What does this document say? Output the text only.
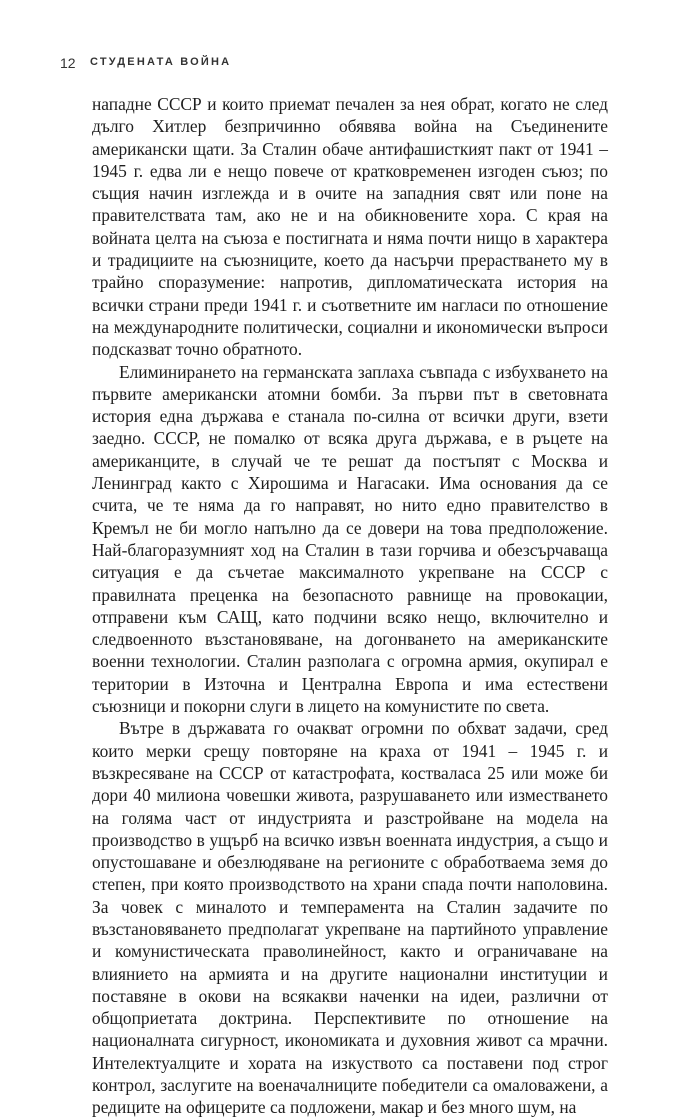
12 СТУДЕНАТА ВОЙНА

нападне СССР и които приемат печален за нея обрат, когато не след дълго Хитлер безпричинно обявява война на Съединените американски щати. За Сталин обаче антифашисткият пакт от 1941 – 1945 г. едва ли е нещо повече от кратковременен изгоден съюз; по същия начин изглежда и в очите на западния свят или поне на правителствата там, ако не и на обикновените хора. С края на войната целта на съюза е постигната и няма почти нищо в характера и традициите на съюзниците, което да насърчи прерастването му в трайно споразумение: напротив, дипломатическата история на всички страни преди 1941 г. и съответните им нагласи по отношение на международните политически, социални и икономически въпроси подсказват точно обратното.

Елиминирането на германската заплаха съвпада с избухването на първите американски атомни бомби. За първи път в световната история една държава е станала по-силна от всички други, взети заедно. СССР, не помалко от всяка друга държава, е в ръцете на американците, в случай че те решат да постъпят с Москва и Ленинград както с Хирошима и Нагасаки. Има основания да се счита, че те няма да го направят, но нито едно правителство в Кремъл не би могло напълно да се довери на това предположение. Най-благоразумният ход на Сталин в тази горчива и обезсърчаваща ситуация е да съчетае максималното укрепване на СССР с правилната преценка на безопасното равнище на провокации, отправени към САЩ, като подчини всяко нещо, включително и следвоенното възстановяване, на догонването на американските военни технологии. Сталин разполага с огромна армия, окупирал е територии в Източна и Централна Европа и има естествени съюзници и покорни слуги в лицето на комунистите по света.

Вътре в държавата го очакват огромни по обхват задачи, сред които мерки срещу повторяне на краха от 1941 – 1945 г. и възкресяване на СССР от катастрофата, костваласа 25 или може би дори 40 милиона човешки живота, разрушаването или изместването на голяма част от индустрията и разстройване на модела на производство в ущърб на всичко извън военната индустрия, а също и опустошаване и обезлюдяване на регионите с обработваема земя до степен, при която производството на храни спада почти наполовина. За човек с миналото и темперамента на Сталин задачите по възстановяването предполагат укрепване на партийното управление и комунистическата праволинейност, както и ограничаване на влиянието на армията и на другите национални институции и поставяне в окови на всякакви наченки на идеи, различни от общоприетата доктрина. Перспективите по отношение на националната сигурност, икономиката и духовния живот са мрачни. Интелектуалците и хората на изкуството са поставени под строг контрол, заслугите на военачалниците победители са омаловажени, а редиците на офицерите са подложени, макар и без много шум, на
